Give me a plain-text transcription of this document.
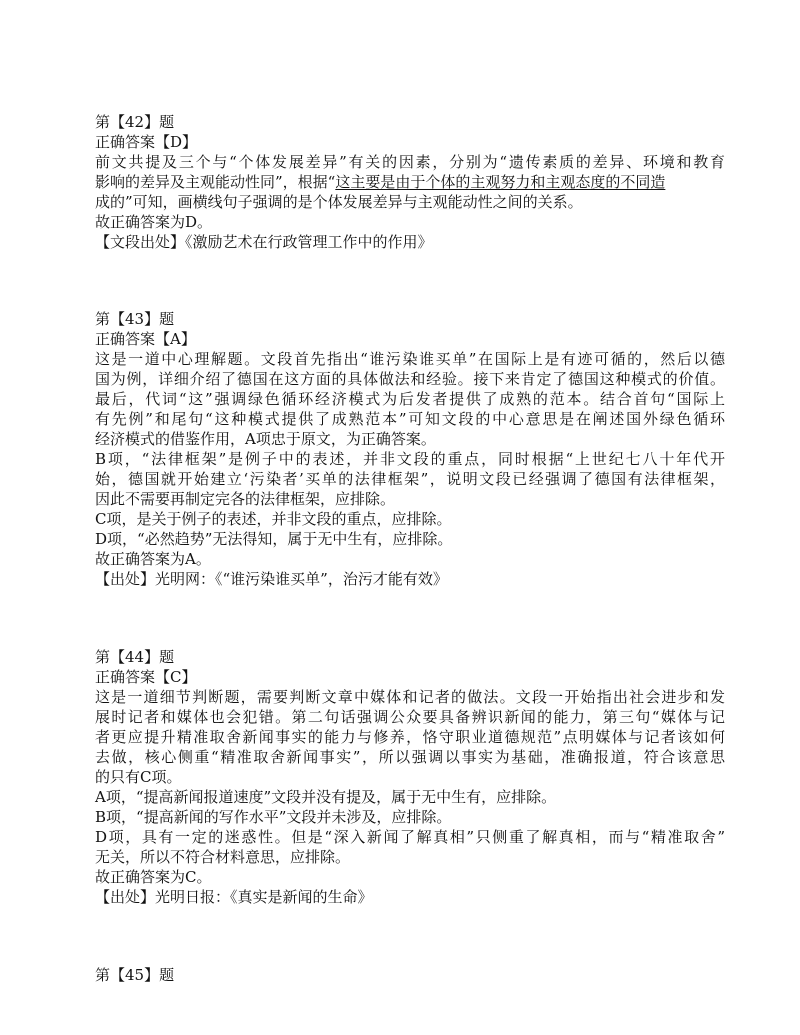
第【42】题

正确答案【D】

前文共提及三个与“个体发展差异”有关的因素，分别为“遗传素质的差异、环境和教育

影响的差异及主观能动性同”，根据“这主要是由于个体的主观努力和主观态度的不同造

成的”可知，画横线句子强调的是个体发展差异与主观能动性之间的关系。

故正确答案为D。

【文段出处】《激励艺术在行政管理工作中的作用》

第【43】题

正确答案【A】

这是一道中心理解题。文段首先指出“谁污染谁买单”在国际上是有迹可循的，然后以德

国为例，详细介绍了德国在这方面的具体做法和经验。接下来肯定了德国这种模式的价值。

最后，代词“这”强调绿色循环经济模式为后发者提供了成熟的范本。结合首句“国际上

有先例”和尾句“这种模式提供了成熟范本”可知文段的中心意思是在阐述国外绿色循环

经济模式的借鉴作用，A项忠于原文，为正确答案。

B项，“法律框架”是例子中的表述，并非文段的重点，同时根据“上世纪七八十年代开

始，德国就开始建立‘污染者’买单的法律框架”，说明文段已经强调了德国有法律框架，

因此不需要再制定完各的法律框架，应排除。

C项，是关于例子的表述，并非文段的重点，应排除。

D项，“必然趋势”无法得知，属于无中生有，应排除。

故正确答案为A。

【出处】光明网：《“谁污染谁买单”，治污才能有效》

第【44】题

正确答案【C】

这是一道细节判断题，需要判断文章中媒体和记者的做法。文段一开始指出社会进步和发

展时记者和媒体也会犯错。第二句话强调公众要具备辨识新闻的能力，第三句“媒体与记

者更应提升精准取舍新闻事实的能力与修养，恪守职业道德规范”点明媒体与记者该如何

去做，核心侧重“精准取舍新闻事实”，所以强调以事实为基础，准确报道，符合该意思

的只有C项。

A项，“提高新闻报道速度”文段并没有提及，属于无中生有，应排除。

B项，“提高新闻的写作水平”文段并未涉及，应排除。

D项，具有一定的迷惑性。但是“深入新闻了解真相”只侧重了解真相，而与“精准取舍”

无关，所以不符合材料意思，应排除。

故正确答案为C。

【出处】光明日报：《真实是新闻的生命》

第【45】题
